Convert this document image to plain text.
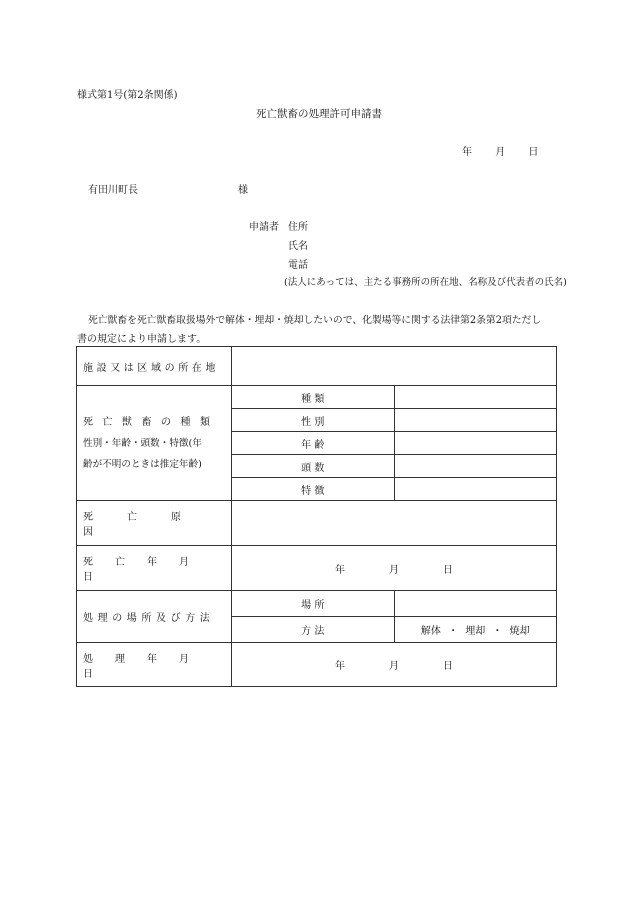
様式第1号(第2条関係)
死亡獣畜の処理許可申請書
年 月 日
有田川町長	様
申請者 住所
氏名
電話
(法人にあっては、主たる事務所の所在地、名称及び代表者の氏名)
死亡獣畜を死亡獣畜取扱場外で解体・埋却・焼却したいので、化製場等に関する法律第2条第2項ただし
書の規定により申請します。
施設又は区域の所在地		

死亡獣畜の種類
性別・年齢・頭数・特徴(年
齢が不明のときは推定年齢)	種 類	
	性 別	
	年 齢	
	頭 数	
	特 徴	
死亡原因		
死亡年月日	年 月 日	

処理の場所及び方法	場 所	
	方 法	解体 ・ 埋却 ・ 焼却
処理年月日	年 月 日	
